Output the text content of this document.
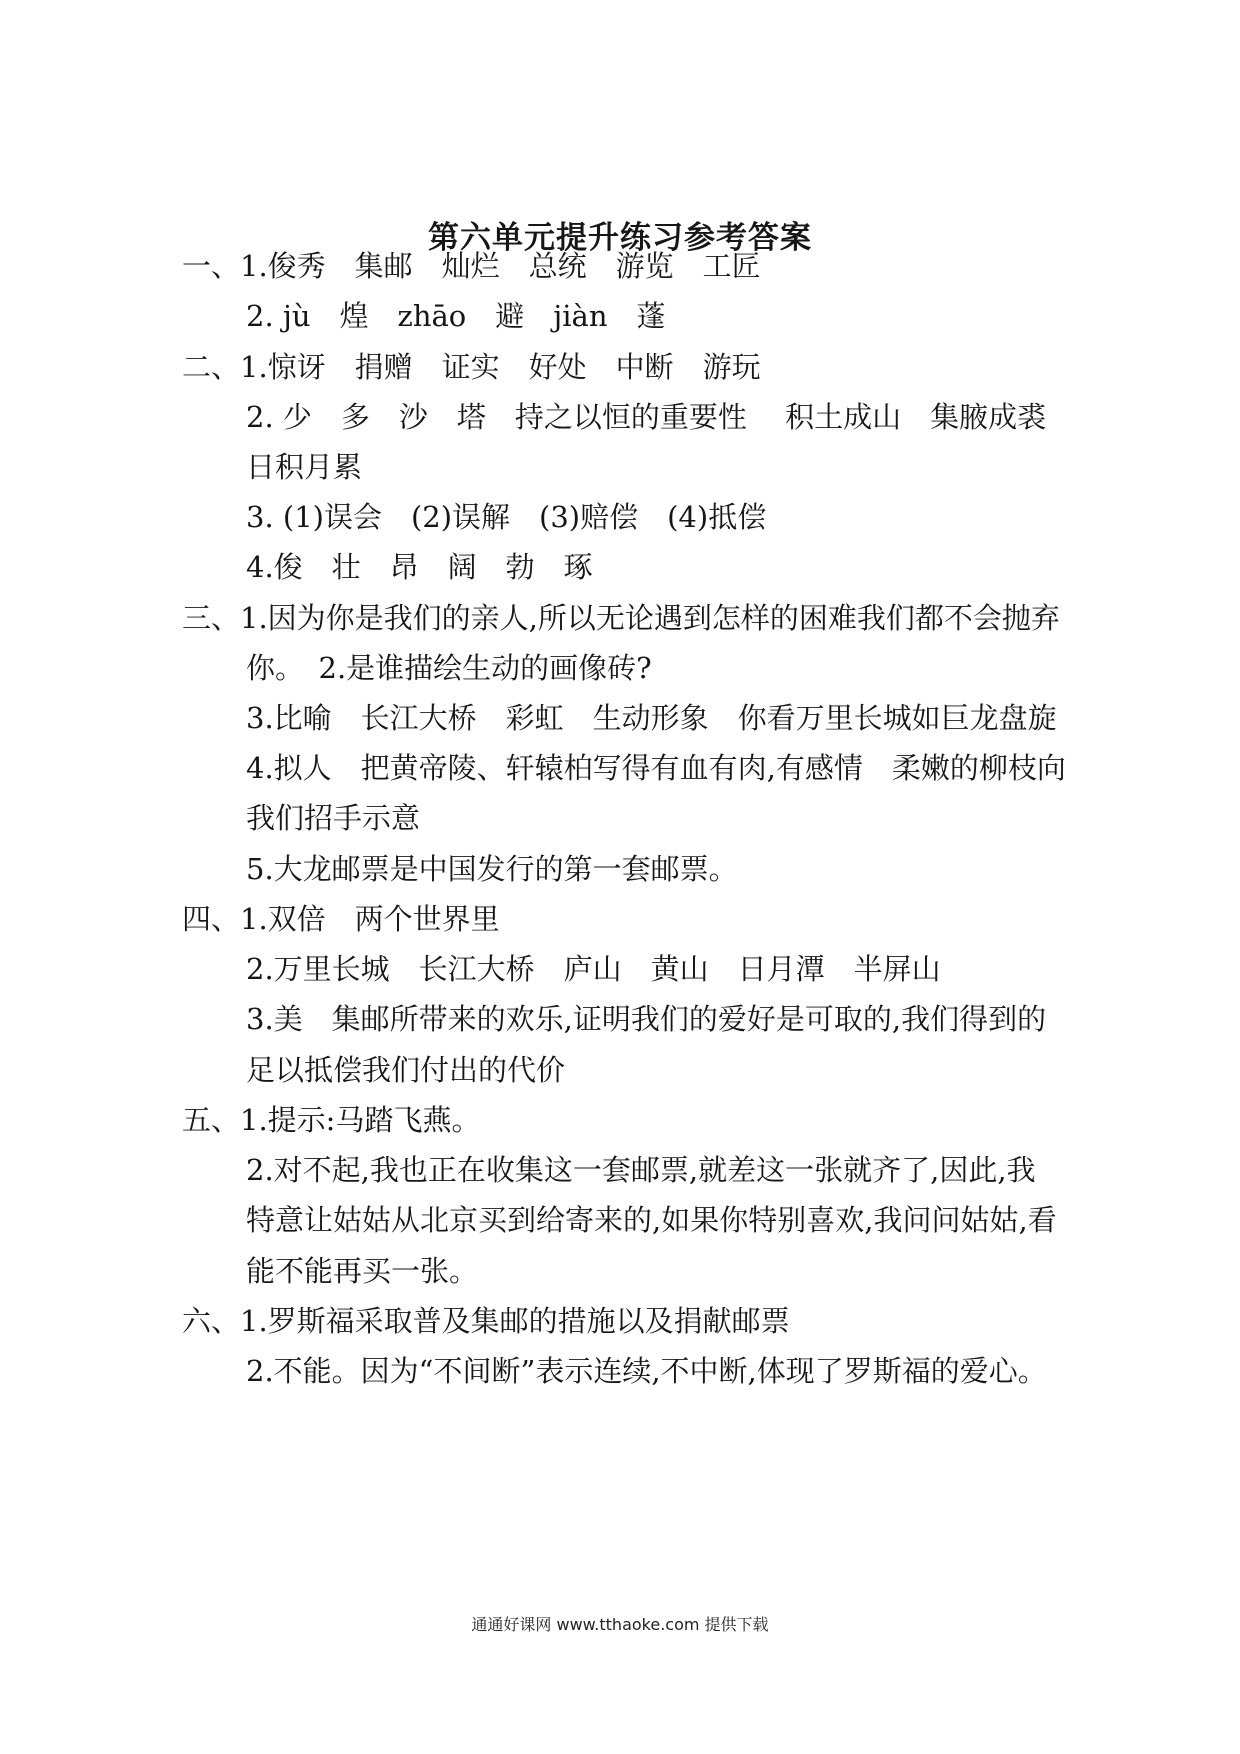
第六单元提升练习参考答案
一、1.俊秀　集邮　灿烂　总统　游览　工匠
2. jù　煌　zhāo　避　jiàn　蓬
二、1.惊讶　捐赠　证实　好处　中断　游玩
2. 少　多　沙　塔　持之以恒的重要性　 积土成山　集腋成裘
日积月累
3. (1)误会　(2)误解　(3)赔偿　(4)抵偿
4.俊　壮　昂　阔　勃　琢
三、1.因为你是我们的亲人,所以无论遇到怎样的困难我们都不会抛弃
你。　2.是谁描绘生动的画像砖?
3.比喻　长江大桥　彩虹　生动形象　你看万里长城如巨龙盘旋
4.拟人　把黄帝陵、轩辕柏写得有血有肉,有感情　柔嫩的柳枝向
我们招手示意
5.大龙邮票是中国发行的第一套邮票。
四、1.双倍　两个世界里
2.万里长城　长江大桥　庐山　黄山　日月潭　半屏山
3.美　集邮所带来的欢乐,证明我们的爱好是可取的,我们得到的
足以抵偿我们付出的代价
五、1.提示:马踏飞燕。
2.对不起,我也正在收集这一套邮票,就差这一张就齐了,因此,我
特意让姑姑从北京买到给寄来的,如果你特别喜欢,我问问姑姑,看
能不能再买一张。
六、1.罗斯福采取普及集邮的措施以及捐献邮票
2.不能。因为“不间断”表示连续,不中断,体现了罗斯福的爱心。
通通好课网 www.tthaoke.com 提供下载
